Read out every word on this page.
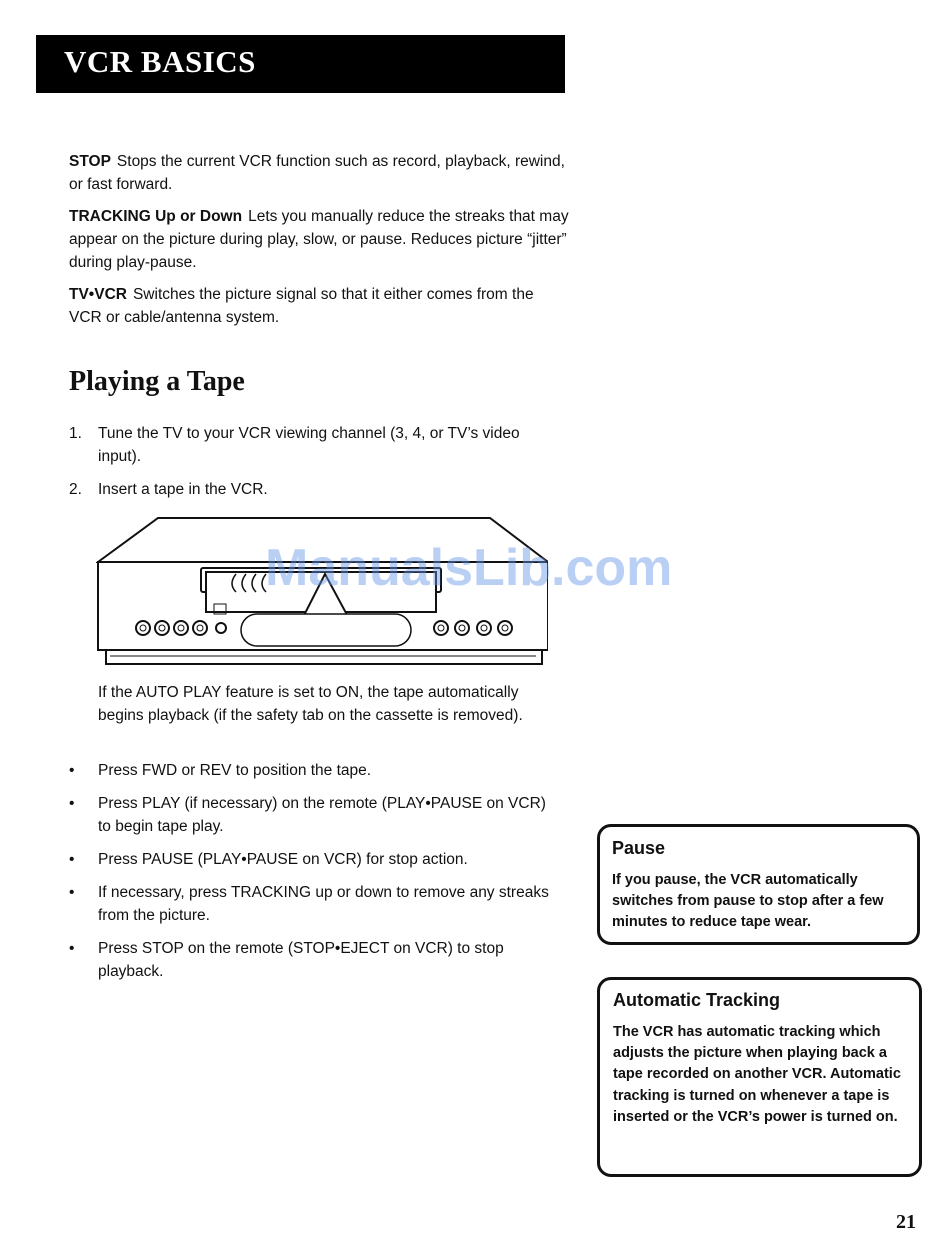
VCR BASICS

STOP Stops the current VCR function such as record, playback, rewind, or fast forward.

TRACKING Up or Down Lets you manually reduce the streaks that may appear on the picture during play, slow, or pause. Reduces picture “jitter” during play-pause.

TV•VCR Switches the picture signal so that it either comes from the VCR or cable/antenna system.

Playing a Tape
1. Tune the TV to your VCR viewing channel (3, 4, or TV’s video input).
2. Insert a tape in the VCR.
ManualsLib.com
If the AUTO PLAY feature is set to ON, the tape automatically begins playback (if the safety tab on the cassette is removed).
• Press FWD or REV to position the tape.
• Press PLAY (if necessary) on the remote (PLAY•PAUSE on VCR) to begin tape play.
• Press PAUSE (PLAY•PAUSE on VCR) for stop action.
• If necessary, press TRACKING up or down to remove any streaks from the picture.
• Press STOP on the remote (STOP•EJECT on VCR) to stop playback.

Pause

If you pause, the VCR automatically switches from pause to stop after a few minutes to reduce tape wear.

Automatic Tracking

The VCR has automatic tracking which adjusts the picture when playing back a tape recorded on another VCR. Automatic tracking is turned on whenever a tape is inserted or the VCR’s power is turned on.

21
